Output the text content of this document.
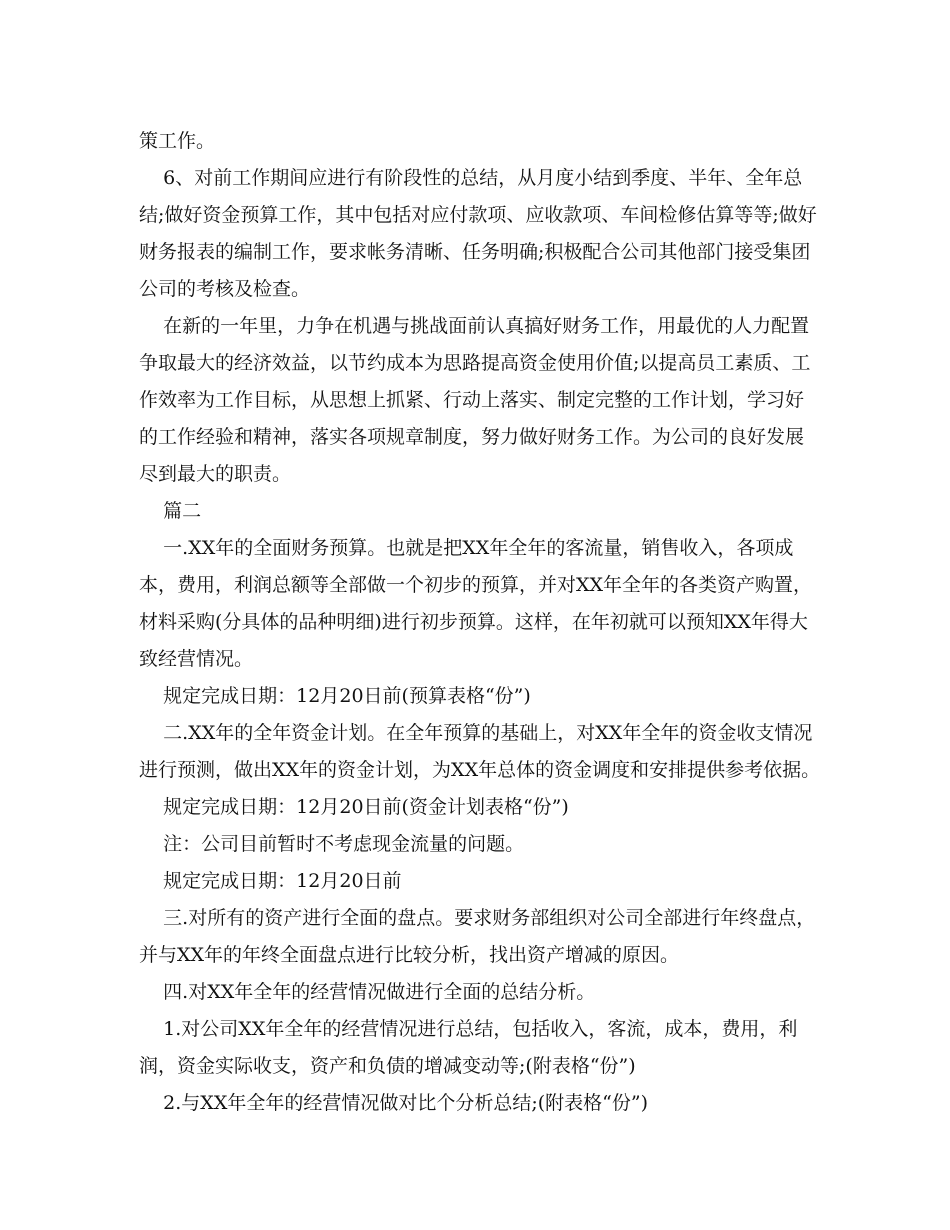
策工作。

6、对前工作期间应进行有阶段性的总结，从月度小结到季度、半年、全年总结;做好资金预算工作，其中包括对应付款项、应收款项、车间检修估算等等;做好财务报表的编制工作，要求帐务清晰、任务明确;积极配合公司其他部门接受集团公司的考核及检查。

在新的一年里，力争在机遇与挑战面前认真搞好财务工作，用最优的人力配置争取最大的经济效益，以节约成本为思路提高资金使用价值;以提高员工素质、工作效率为工作目标，从思想上抓紧、行动上落实、制定完整的工作计划，学习好的工作经验和精神，落实各项规章制度，努力做好财务工作。为公司的良好发展尽到最大的职责。

篇二

一.XX年的全面财务预算。也就是把XX年全年的客流量，销售收入，各项成本，费用，利润总额等全部做一个初步的预算，并对XX年全年的各类资产购置，材料采购(分具体的品种明细)进行初步预算。这样，在年初就可以预知XX年得大致经营情况。

规定完成日期：12月20日前(预算表格“份”)

二.XX年的全年资金计划。在全年预算的基础上，对XX年全年的资金收支情况进行预测，做出XX年的资金计划，为XX年总体的资金调度和安排提供参考依据。

规定完成日期：12月20日前(资金计划表格“份”)

注：公司目前暂时不考虑现金流量的问题。

规定完成日期：12月20日前

三.对所有的资产进行全面的盘点。要求财务部组织对公司全部进行年终盘点，并与XX年的年终全面盘点进行比较分析，找出资产增减的原因。

四.对XX年全年的经营情况做进行全面的总结分析。

1.对公司XX年全年的经营情况进行总结，包括收入，客流，成本，费用，利润，资金实际收支，资产和负债的增减变动等;(附表格“份”)

2.与XX年全年的经营情况做对比个分析总结;(附表格“份”)
